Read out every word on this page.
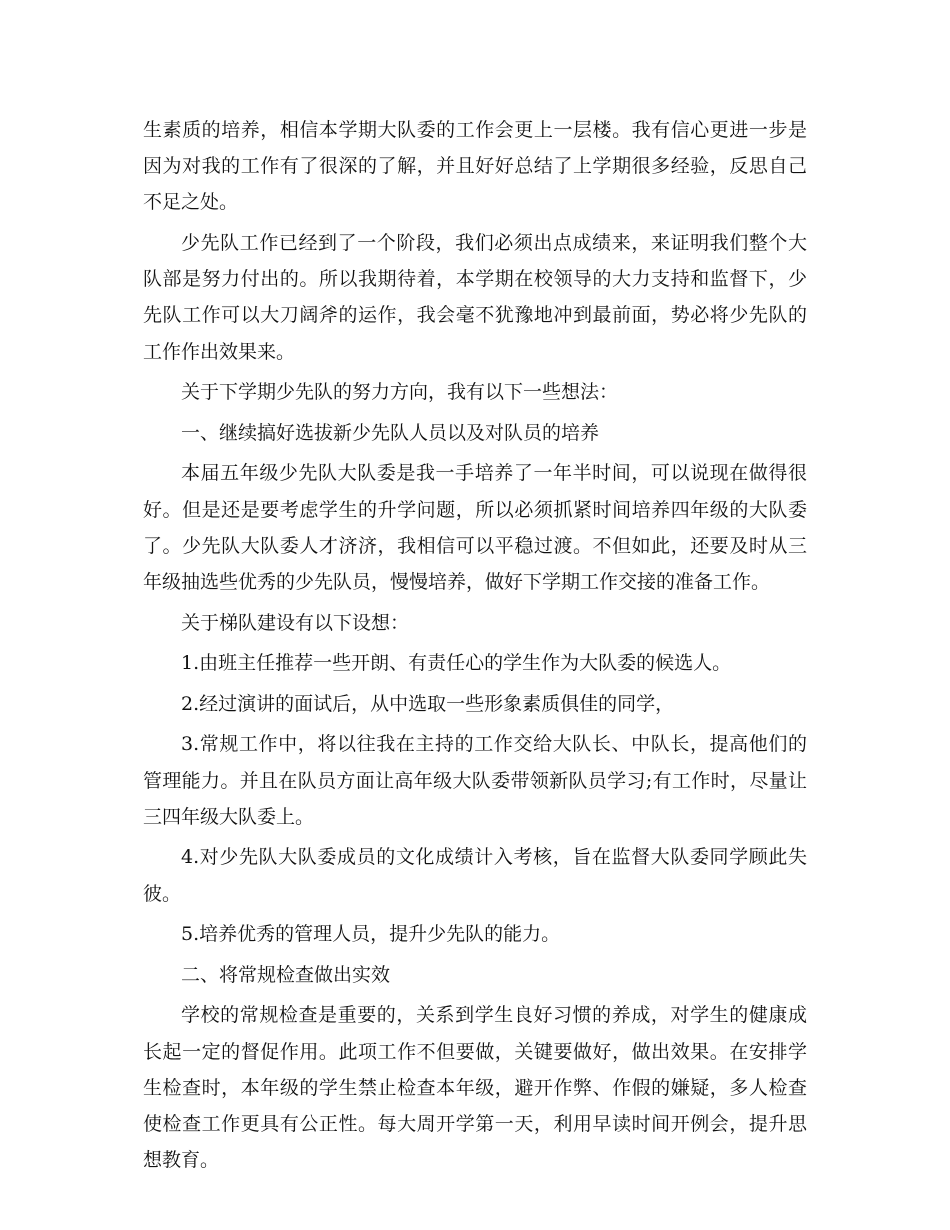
生素质的培养，相信本学期大队委的工作会更上一层楼。我有信心更进一步是因为对我的工作有了很深的了解，并且好好总结了上学期很多经验，反思自己不足之处。

少先队工作已经到了一个阶段，我们必须出点成绩来，来证明我们整个大队部是努力付出的。所以我期待着，本学期在校领导的大力支持和监督下，少先队工作可以大刀阔斧的运作，我会毫不犹豫地冲到最前面，势必将少先队的工作作出效果来。

关于下学期少先队的努力方向，我有以下一些想法：

一、继续搞好选拔新少先队人员以及对队员的培养

本届五年级少先队大队委是我一手培养了一年半时间，可以说现在做得很好。但是还是要考虑学生的升学问题，所以必须抓紧时间培养四年级的大队委了。少先队大队委人才济济，我相信可以平稳过渡。不但如此，还要及时从三年级抽选些优秀的少先队员，慢慢培养，做好下学期工作交接的准备工作。

关于梯队建设有以下设想：

1.由班主任推荐一些开朗、有责任心的学生作为大队委的候选人。

2.经过演讲的面试后，从中选取一些形象素质俱佳的同学，

3.常规工作中，将以往我在主持的工作交给大队长、中队长，提高他们的管理能力。并且在队员方面让高年级大队委带领新队员学习;有工作时，尽量让三四年级大队委上。

4.对少先队大队委成员的文化成绩计入考核，旨在监督大队委同学顾此失彼。

5.培养优秀的管理人员，提升少先队的能力。

二、将常规检查做出实效

学校的常规检查是重要的，关系到学生良好习惯的养成，对学生的健康成长起一定的督促作用。此项工作不但要做，关键要做好，做出效果。在安排学生检查时，本年级的学生禁止检查本年级，避开作弊、作假的嫌疑，多人检查使检查工作更具有公正性。每大周开学第一天，利用早读时间开例会，提升思想教育。
